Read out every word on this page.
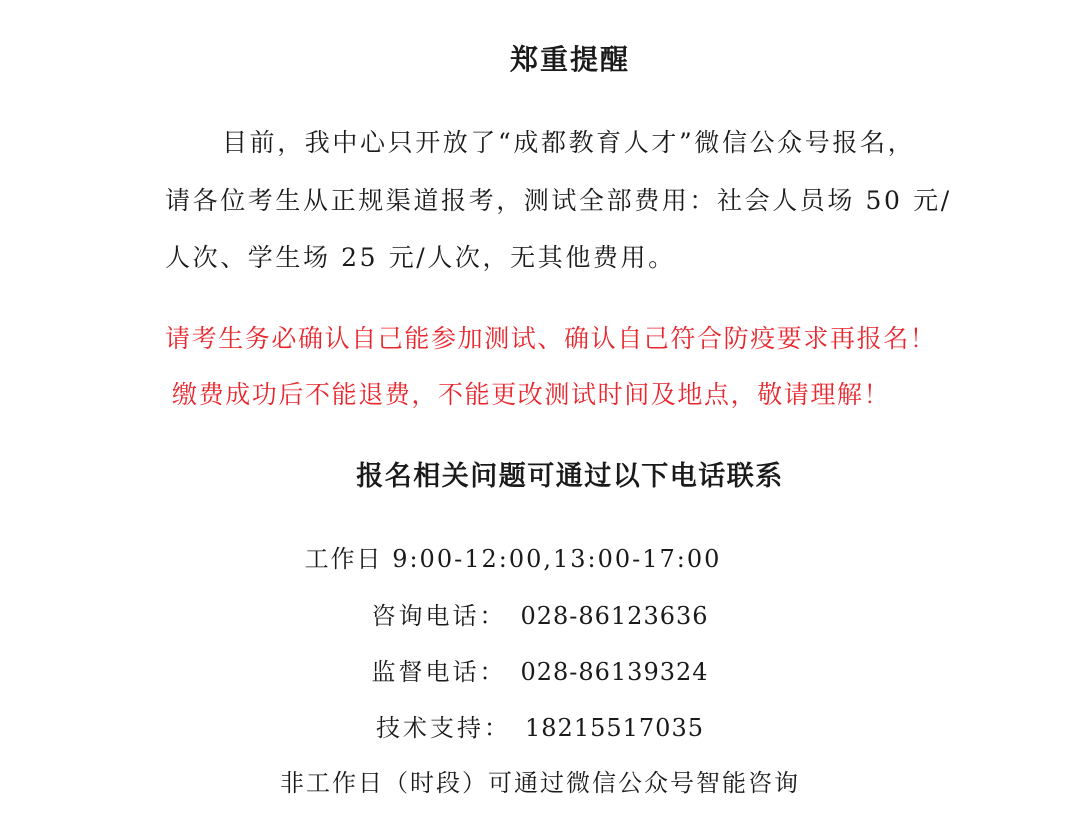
郑重提醒
目前，我中心只开放了“成都教育人才”微信公众号报名，
请各位考生从正规渠道报考，测试全部费用：社会人员场 50 元/
人次、学生场 25 元/人次，无其他费用。
请考生务必确认自己能参加测试、确认自己符合防疫要求再报名！
缴费成功后不能退费，不能更改测试时间及地点，敬请理解！
报名相关问题可通过以下电话联系
工作日 9:00-12:00,13:00-17:00
咨询电话： 028-86123636
监督电话： 028-86139324
技术支持： 18215517035
非工作日（时段）可通过微信公众号智能咨询
